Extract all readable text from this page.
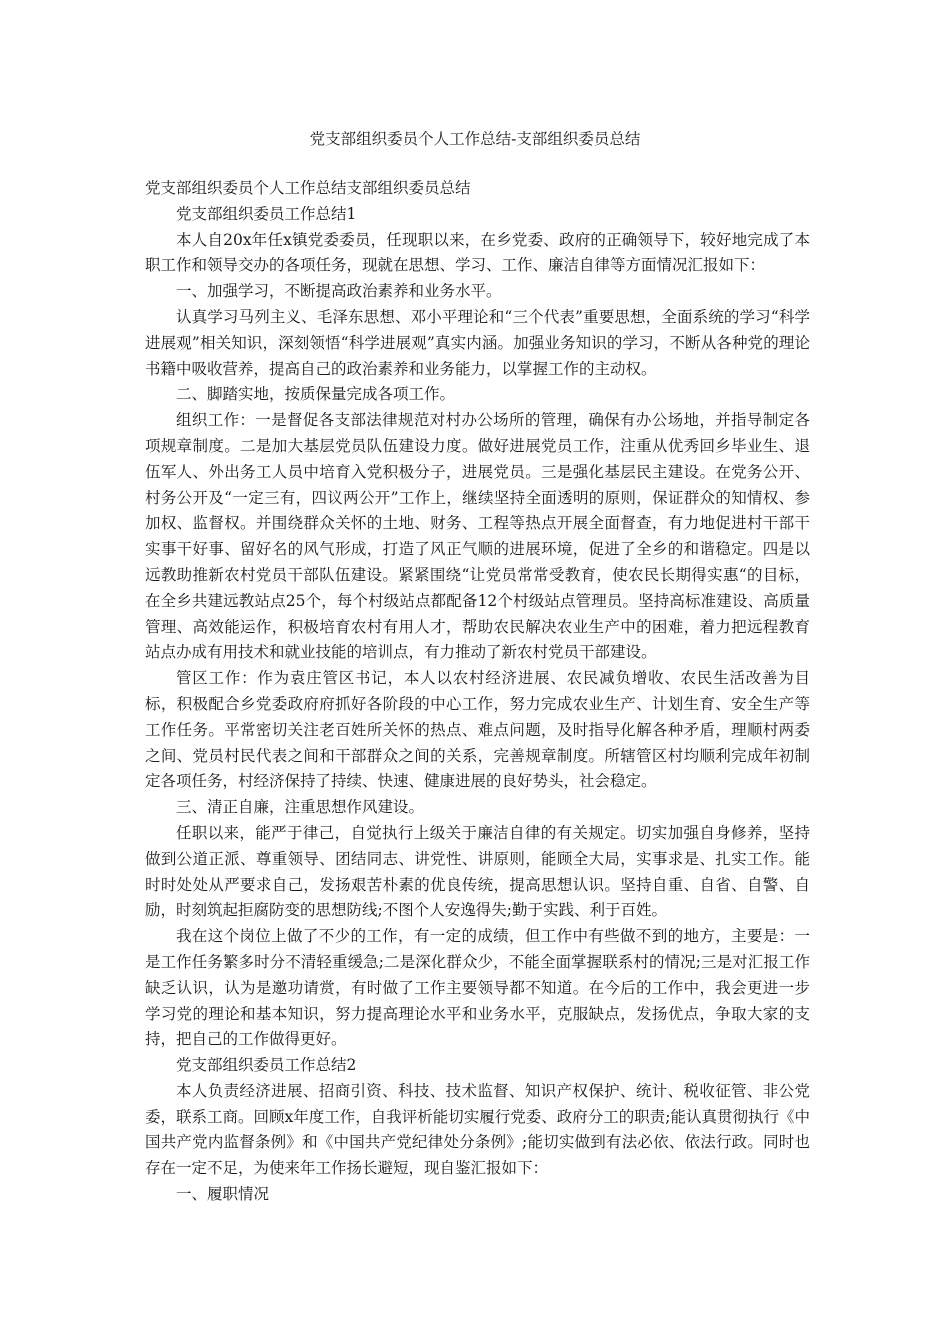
党支部组织委员个人工作总结-支部组织委员总结

党支部组织委员个人工作总结支部组织委员总结

党支部组织委员工作总结1

本人自20x年任x镇党委委员，任现职以来，在乡党委、政府的正确领导下，较好地完成了本职工作和领导交办的各项任务，现就在思想、学习、工作、廉洁自律等方面情况汇报如下：

一、加强学习，不断提高政治素养和业务水平。

认真学习马列主义、毛泽东思想、邓小平理论和“三个代表”重要思想，全面系统的学习“科学进展观”相关知识，深刻领悟“科学进展观”真实内涵。加强业务知识的学习，不断从各种党的理论书籍中吸收营养，提高自己的政治素养和业务能力，以掌握工作的主动权。

二、脚踏实地，按质保量完成各项工作。

组织工作：一是督促各支部法律规范对村办公场所的管理，确保有办公场地，并指导制定各项规章制度。二是加大基层党员队伍建设力度。做好进展党员工作，注重从优秀回乡毕业生、退伍军人、外出务工人员中培育入党积极分子，进展党员。三是强化基层民主建设。在党务公开、村务公开及“一定三有，四议两公开”工作上，继续坚持全面透明的原则，保证群众的知情权、参加权、监督权。并围绕群众关怀的土地、财务、工程等热点开展全面督查，有力地促进村干部干实事干好事、留好名的风气形成，打造了风正气顺的进展环境，促进了全乡的和谐稳定。四是以远教助推新农村党员干部队伍建设。紧紧围绕“让党员常常受教育，使农民长期得实惠“的目标，在全乡共建远教站点25个，每个村级站点都配备12个村级站点管理员。坚持高标准建设、高质量管理、高效能运作，积极培育农村有用人才，帮助农民解决农业生产中的困难，着力把远程教育站点办成有用技术和就业技能的培训点，有力推动了新农村党员干部建设。

管区工作：作为袁庄管区书记，本人以农村经济进展、农民减负增收、农民生活改善为目标，积极配合乡党委政府府抓好各阶段的中心工作，努力完成农业生产、计划生育、安全生产等工作任务。平常密切关注老百姓所关怀的热点、难点问题，及时指导化解各种矛盾，理顺村两委之间、党员村民代表之间和干部群众之间的关系，完善规章制度。所辖管区村均顺利完成年初制定各项任务，村经济保持了持续、快速、健康进展的良好势头，社会稳定。

三、清正自廉，注重思想作风建设。

任职以来，能严于律己，自觉执行上级关于廉洁自律的有关规定。切实加强自身修养，坚持做到公道正派、尊重领导、团结同志、讲党性、讲原则，能顾全大局，实事求是、扎实工作。能时时处处从严要求自己，发扬艰苦朴素的优良传统，提高思想认识。坚持自重、自省、自警、自励，时刻筑起拒腐防变的思想防线;不图个人安逸得失;勤于实践、利于百姓。

我在这个岗位上做了不少的工作，有一定的成绩，但工作中有些做不到的地方，主要是：一是工作任务繁多时分不清轻重缓急;二是深化群众少，不能全面掌握联系村的情况;三是对汇报工作缺乏认识，认为是邀功请赏，有时做了工作主要领导都不知道。在今后的工作中，我会更进一步学习党的理论和基本知识，努力提高理论水平和业务水平，克服缺点，发扬优点，争取大家的支持，把自己的工作做得更好。

党支部组织委员工作总结2

本人负责经济进展、招商引资、科技、技术监督、知识产权保护、统计、税收征管、非公党委，联系工商。回顾x年度工作，自我评析能切实履行党委、政府分工的职责;能认真贯彻执行《中国共产党内监督条例》和《中国共产党纪律处分条例》;能切实做到有法必依、依法行政。同时也存在一定不足，为使来年工作扬长避短，现自鉴汇报如下：

一、履职情况
